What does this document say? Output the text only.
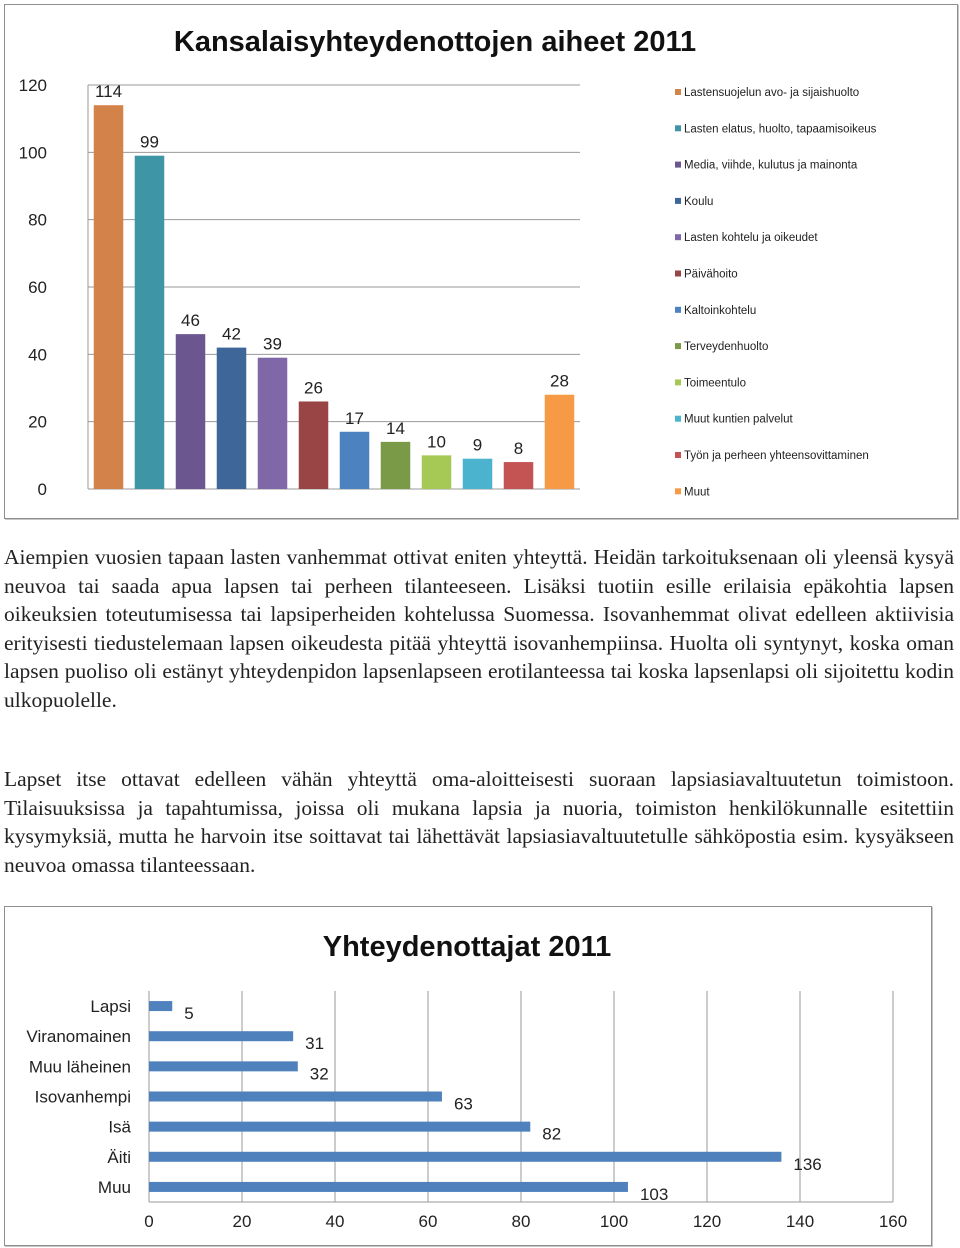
Kansalaisyhteydenottojen aiheet 2011
0
20
40
60
80
100
120	114
99
46
42
39
26
17
14
10 9 8
28
Lastensuojelun avo- ja sijaishuolto
Lasten elatus, huolto, tapaamisoikeus
Media, viihde, kulutus ja mainonta
Koulu
Lasten kohtelu ja oikeudet
Päivähoito
Kaltoinkohtelu
Terveydenhuolto
Toimeentulo
Muut kuntien palvelut
Työn ja perheen yhteensovittaminen
Muut

Aiempien vuosien tapaan lasten vanhemmat ottivat eniten yhteyttä. Heidän tarkoituksenaan oli yleensä kysyä neuvoa tai saada apua lapsen tai perheen tilanteeseen. Lisäksi tuotiin esille erilaisia epäkohtia lapsen oikeuksien toteutumisessa tai lapsiperheiden kohtelussa Suomessa. Isovanhemmat olivat edelleen aktiivisia erityisesti tiedustelemaan lapsen oikeudesta pitää yhteyttä isovanhempiinsa. Huolta oli syntynyt, koska oman lapsen puoliso oli estänyt yhteydenpidon lapsenlapseen erotilanteessa tai koska lapsenlapsi oli sijoitettu kodin ulkopuolelle.

Lapset itse ottavat edelleen vähän yhteyttä oma-aloitteisesti suoraan lapsiasiavaltuutetun toimistoon. Tilaisuuksissa ja tapahtumissa, joissa oli mukana lapsia ja nuoria, toimiston henkilökunnalle esitettiin kysymyksiä, mutta he harvoin itse soittavat tai lähettävät lapsiasiavaltuutetulle sähköpostia esim. kysyäkseen neuvoa omassa tilanteessaan.

Yhteydenottajat 2011
0	20	40	60	80	100	120	140	160
Lapsi
Viranomainen
Muu läheinen
Isovanhempi
Isä
Äiti
Muu
5
31
32
63
82
136
103
